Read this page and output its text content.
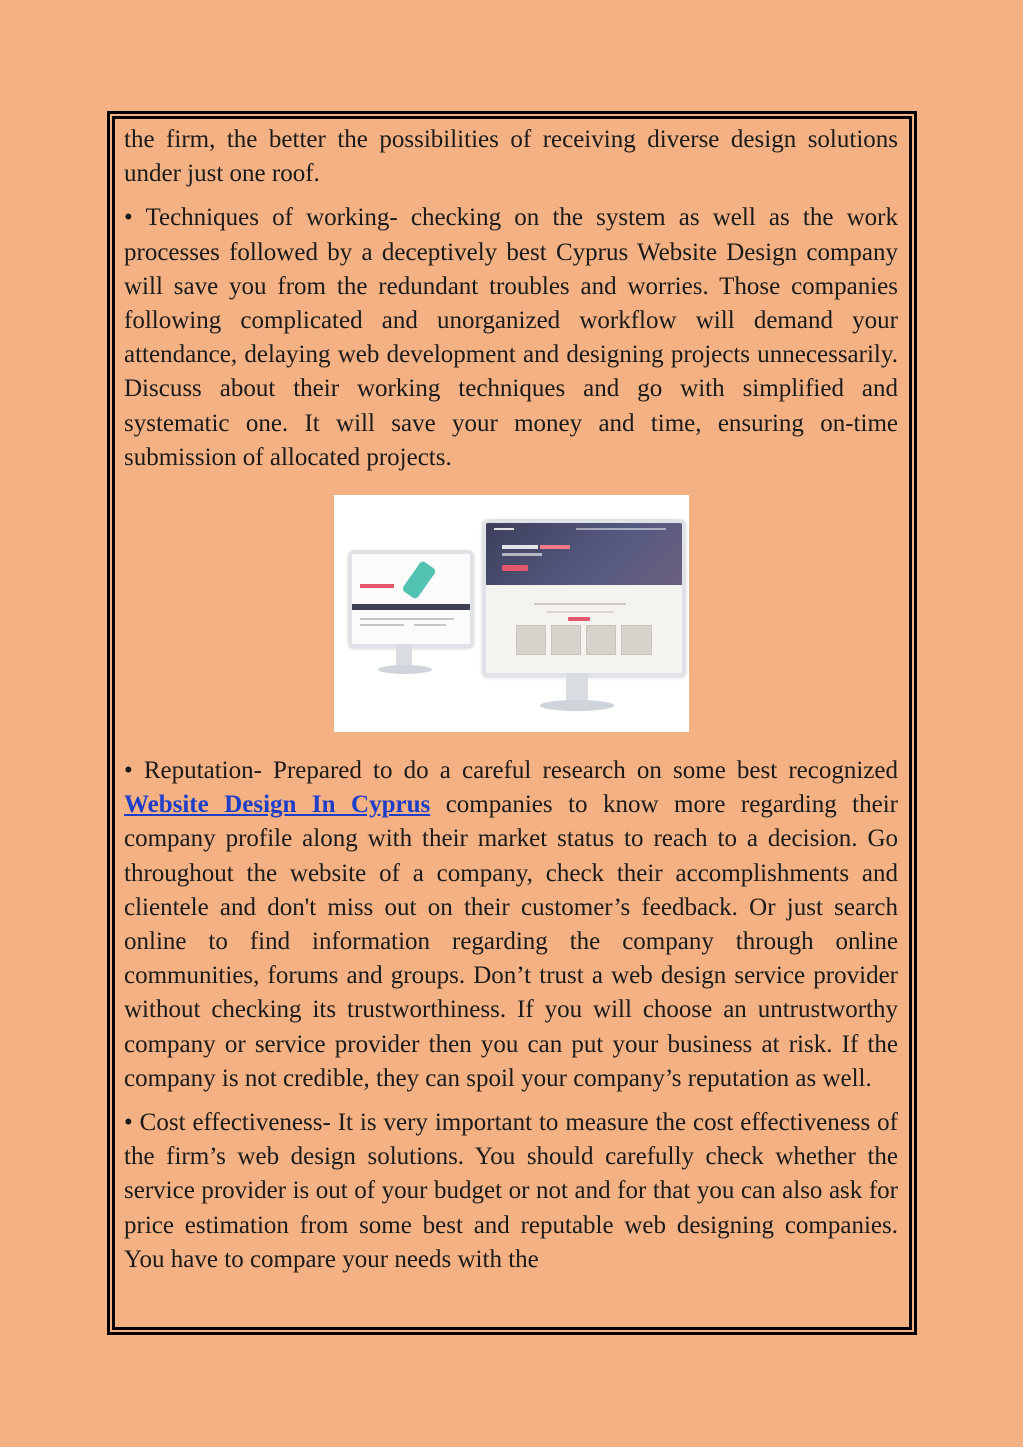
the firm, the better the possibilities of receiving diverse design solutions under just one roof.

• Techniques of working- checking on the system as well as the work processes followed by a deceptively best Cyprus Website Design company will save you from the redundant troubles and worries. Those companies following complicated and unorganized workflow will demand your attendance, delaying web development and designing projects unnecessarily. Discuss about their working techniques and go with simplified and systematic one. It will save your money and time, ensuring on-time submission of allocated projects.

• Reputation- Prepared to do a careful research on some best recognized Website Design In Cyprus companies to know more regarding their company profile along with their market status to reach to a decision. Go throughout the website of a company, check their accomplishments and clientele and don't miss out on their customer’s feedback. Or just search online to find information regarding the company through online communities, forums and groups. Don’t trust a web design service provider without checking its trustworthiness. If you will choose an untrustworthy company or service provider then you can put your business at risk. If the company is not credible, they can spoil your company’s reputation as well.

• Cost effectiveness- It is very important to measure the cost effectiveness of the firm’s web design solutions. You should carefully check whether the service provider is out of your budget or not and for that you can also ask for price estimation from some best and reputable web designing companies. You have to compare your needs with the
